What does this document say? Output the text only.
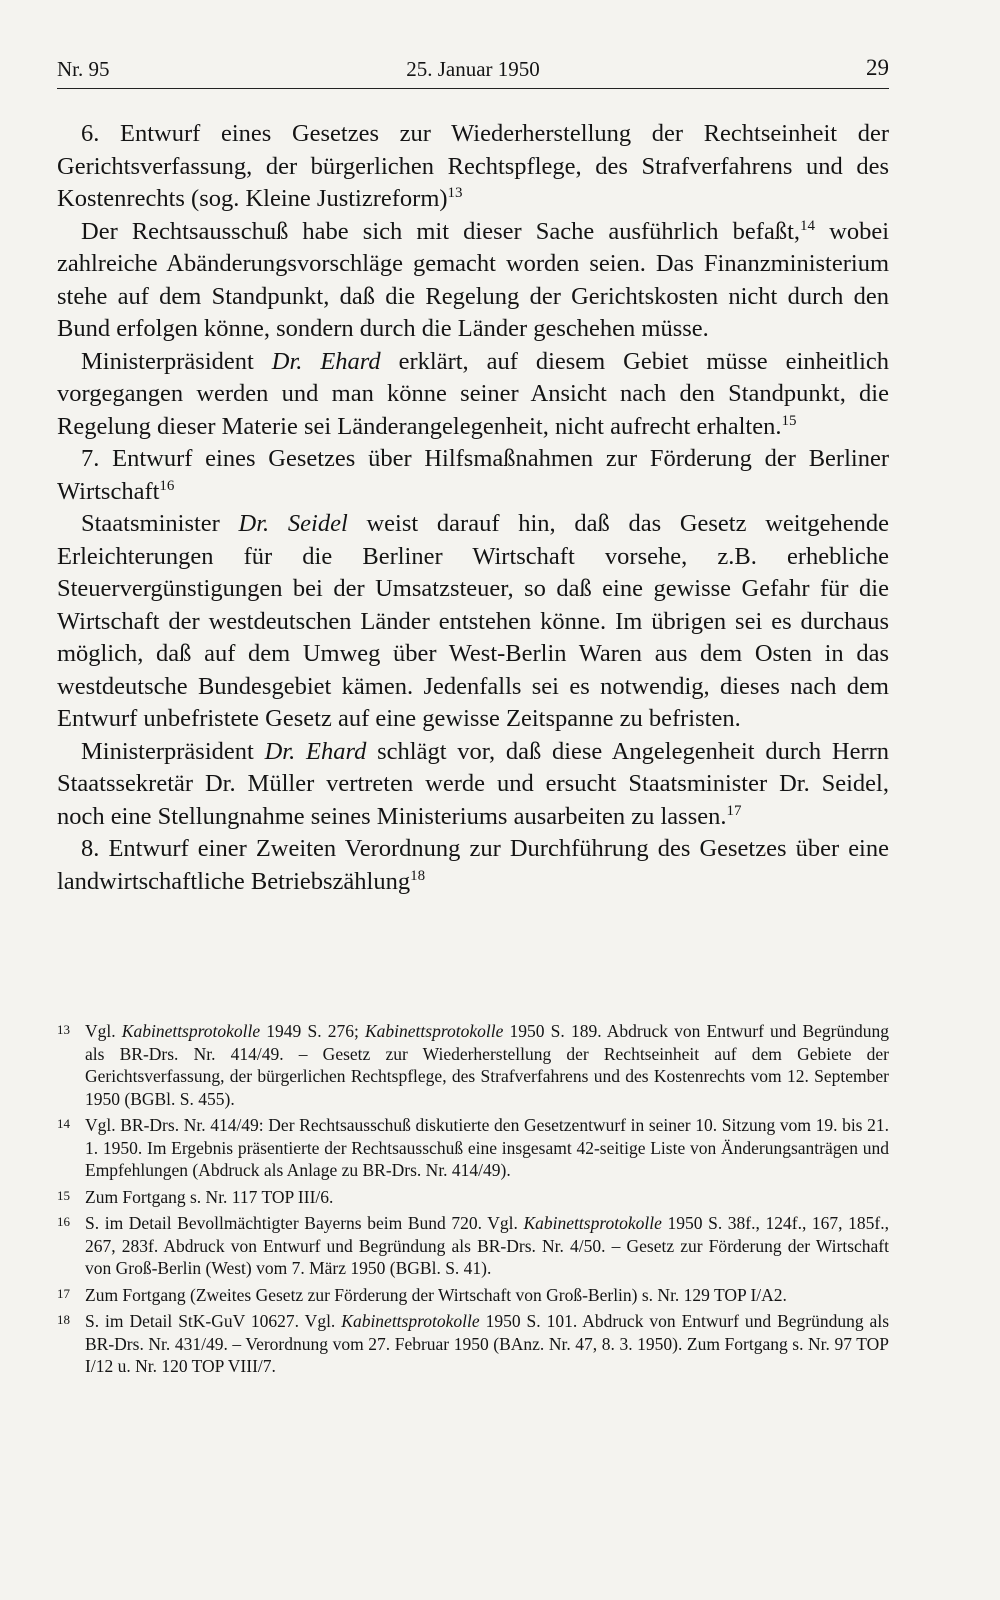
Nr. 95	25. Januar 1950	29

6. Entwurf eines Gesetzes zur Wiederherstellung der Rechtseinheit der Gerichtsverfassung, der bürgerlichen Rechtspflege, des Strafverfahrens und des Kostenrechts (sog. Kleine Justizreform)$^{13}$

Der Rechtsausschuß habe sich mit dieser Sache ausführlich befaßt,$^{14}$ wobei zahlreiche Abänderungsvorschläge gemacht worden seien. Das Finanzministerium stehe auf dem Standpunkt, daß die Regelung der Gerichtskosten nicht durch den Bund erfolgen könne, sondern durch die Länder geschehen müsse.

Ministerpräsident Dr. Ehard erklärt, auf diesem Gebiet müsse einheitlich vorgegangen werden und man könne seiner Ansicht nach den Standpunkt, die Regelung dieser Materie sei Länderangelegenheit, nicht aufrecht erhalten.$^{15}$

7. Entwurf eines Gesetzes über Hilfsmaßnahmen zur Förderung der Berliner Wirtschaft$^{16}$

Staatsminister Dr. Seidel weist darauf hin, daß das Gesetz weitgehende Erleichterungen für die Berliner Wirtschaft vorsehe, z.B. erhebliche Steuervergünstigungen bei der Umsatzsteuer, so daß eine gewisse Gefahr für die Wirtschaft der westdeutschen Länder entstehen könne. Im übrigen sei es durchaus möglich, daß auf dem Umweg über West-Berlin Waren aus dem Osten in das westdeutsche Bundesgebiet kämen. Jedenfalls sei es notwendig, dieses nach dem Entwurf unbefristete Gesetz auf eine gewisse Zeitspanne zu befristen.

Ministerpräsident Dr. Ehard schlägt vor, daß diese Angelegenheit durch Herrn Staatssekretär Dr. Müller vertreten werde und ersucht Staatsminister Dr. Seidel, noch eine Stellungnahme seines Ministeriums ausarbeiten zu lassen.$^{17}$

8. Entwurf einer Zweiten Verordnung zur Durchführung des Gesetzes über eine landwirtschaftliche Betriebszählung$^{18}$

13 Vgl. Kabinettsprotokolle 1949 S. 276; Kabinettsprotokolle 1950 S. 189. Abdruck von Entwurf und Begründung als BR-Drs. Nr. 414/49. – Gesetz zur Wiederherstellung der Rechtseinheit auf dem Gebiete der Gerichtsverfassung, der bürgerlichen Rechtspflege, des Strafverfahrens und des Kostenrechts vom 12. September 1950 (BGBl. S. 455).
14 Vgl. BR-Drs. Nr. 414/49: Der Rechtsausschuß diskutierte den Gesetzentwurf in seiner 10. Sitzung vom 19. bis 21. 1. 1950. Im Ergebnis präsentierte der Rechtsausschuß eine insgesamt 42-seitige Liste von Änderungsanträgen und Empfehlungen (Abdruck als Anlage zu BR-Drs. Nr. 414/49).
15 Zum Fortgang s. Nr. 117 TOP III/6.
16 S. im Detail Bevollmächtigter Bayerns beim Bund 720. Vgl. Kabinettsprotokolle 1950 S. 38f., 124f., 167, 185f., 267, 283f. Abdruck von Entwurf und Begründung als BR-Drs. Nr. 4/50. – Gesetz zur Förderung der Wirtschaft von Groß-Berlin (West) vom 7. März 1950 (BGBl. S. 41).
17 Zum Fortgang (Zweites Gesetz zur Förderung der Wirtschaft von Groß-Berlin) s. Nr. 129 TOP I/A2.
18 S. im Detail StK-GuV 10627. Vgl. Kabinettsprotokolle 1950 S. 101. Abdruck von Entwurf und Begründung als BR-Drs. Nr. 431/49. – Verordnung vom 27. Februar 1950 (BAnz. Nr. 47, 8. 3. 1950). Zum Fortgang s. Nr. 97 TOP I/12 u. Nr. 120 TOP VIII/7.
